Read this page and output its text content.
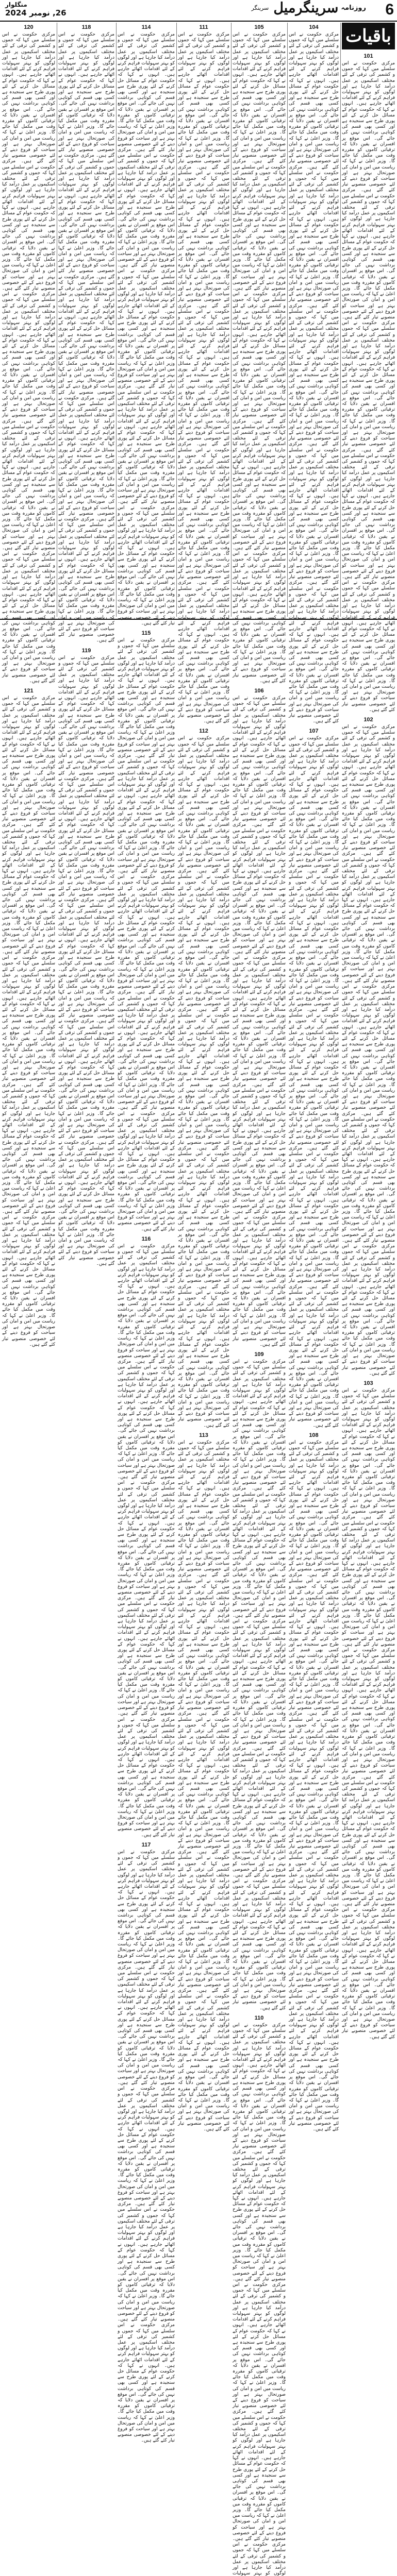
6
روزنامہ سرینگرمیل سرینگر
منگلوار
26, نومبر 2024
باقیات
101

مرکزی حکومت نے اس سلسلے میں کہا کہ جموں و کشمیر کی ترقی کے لئے مختلف اسکیموں پر عمل درآمد کیا جارہا ہے اور لوگوں کو بہتر سہولیات فراہم کرنے کے لئے اقدامات اٹھائے جارہے ہیں۔ انہوں نے کہا کہ حکومت عوام کے مسائل حل کرنے کے لئے پوری طرح سے سنجیدہ ہے اور کسی بھی قسم کی کوتاہی برداشت نہیں کی جائے گی۔ اس موقع پر افسران نے یقین دلایا کہ ترقیاتی کاموں کو مقررہ وقت میں مکمل کیا جائے گا۔ وزیر اعلیٰ نے کہا کہ ریاست میں امن و امان کی صورتحال بہتر ہے اور سیاحت کو فروغ دینے کے لئے خصوصی منصوبے تیار کئے گئے ہیں۔ مرکزی حکومت نے اس سلسلے میں کہا کہ جموں و کشمیر کی ترقی کے لئے مختلف اسکیموں پر عمل درآمد کیا جارہا ہے اور لوگوں کو بہتر سہولیات فراہم کرنے کے لئے اقدامات اٹھائے جارہے ہیں۔ انہوں نے کہا کہ حکومت عوام کے مسائل حل کرنے کے لئے پوری طرح سے سنجیدہ ہے اور کسی بھی قسم کی کوتاہی برداشت نہیں کی جائے گی۔ اس موقع پر افسران نے یقین دلایا کہ ترقیاتی کاموں کو مقررہ وقت میں مکمل کیا جائے گا۔ وزیر اعلیٰ نے کہا کہ ریاست میں امن و امان کی صورتحال بہتر ہے اور سیاحت کو فروغ دینے کے لئے خصوصی منصوبے تیار کئے گئے ہیں۔ مرکزی حکومت نے اس سلسلے میں کہا کہ جموں و کشمیر کی ترقی کے لئے مختلف اسکیموں پر عمل درآمد کیا جارہا ہے اور لوگوں کو بہتر سہولیات فراہم کرنے کے لئے اقدامات اٹھائے جارہے ہیں۔ انہوں نے کہا کہ حکومت عوام کے مسائل حل کرنے کے لئے پوری طرح سے سنجیدہ ہے اور کسی بھی قسم کی کوتاہی برداشت نہیں کی جائے گی۔ اس موقع پر افسران نے یقین دلایا کہ ترقیاتی کاموں کو مقررہ وقت میں مکمل کیا جائے گا۔ وزیر اعلیٰ نے کہا کہ ریاست میں امن و امان کی صورتحال بہتر ہے اور سیاحت کو فروغ دینے کے لئے خصوصی منصوبے تیار کئے گئے ہیں۔ مرکزی حکومت نے اس سلسلے میں کہا کہ جموں و کشمیر کی ترقی کے لئے مختلف اسکیموں پر عمل درآمد کیا جارہا ہے اور لوگوں کو بہتر سہولیات فراہم کرنے کے لئے اقدامات اٹھائے جارہے ہیں۔ انہوں نے کہا کہ حکومت عوام کے مسائل حل کرنے کے لئے پوری طرح سے سنجیدہ ہے اور کسی بھی قسم کی کوتاہی برداشت نہیں کی جائے گی۔ اس موقع پر افسران نے یقین دلایا کہ ترقیاتی کاموں کو مقررہ وقت میں مکمل کیا جائے گا۔ وزیر اعلیٰ نے کہا کہ ریاست میں امن و امان کی صورتحال بہتر ہے اور سیاحت کو فروغ دینے کے لئے خصوصی منصوبے تیار کئے گئے ہیں۔ مرکزی حکومت نے اس سلسلے میں کہا کہ جموں و کشمیر کی ترقی کے لئے مختلف اسکیموں پر عمل درآمد کیا جارہا ہے اور لوگوں کو بہتر سہولیات فراہم کرنے کے لئے اقدامات اٹھائے جارہے ہیں۔ انہوں نے کہا کہ حکومت عوام کے مسائل حل کرنے کے لئے پوری طرح سے سنجیدہ ہے اور کسی بھی قسم کی کوتاہی برداشت نہیں کی جائے گی۔ اس موقع پر افسران نے یقین دلایا کہ ترقیاتی کاموں کو مقررہ وقت میں مکمل کیا جائے گا۔ وزیر اعلیٰ نے کہا کہ ریاست میں امن و امان کی صورتحال بہتر ہے اور سیاحت کو فروغ دینے کے لئے خصوصی منصوبے تیار کئے گئے ہیں۔

102

مرکزی حکومت نے اس سلسلے میں کہا کہ جموں و کشمیر کی ترقی کے لئے مختلف اسکیموں پر عمل درآمد کیا جارہا ہے اور لوگوں کو بہتر سہولیات فراہم کرنے کے لئے اقدامات اٹھائے جارہے ہیں۔ انہوں نے کہا کہ حکومت عوام کے مسائل حل کرنے کے لئے پوری طرح سے سنجیدہ ہے اور کسی بھی قسم کی کوتاہی برداشت نہیں کی جائے گی۔ اس موقع پر افسران نے یقین دلایا کہ ترقیاتی کاموں کو مقررہ وقت میں مکمل کیا جائے گا۔ وزیر اعلیٰ نے کہا کہ ریاست میں امن و امان کی صورتحال بہتر ہے اور سیاحت کو فروغ دینے کے لئے خصوصی منصوبے تیار کئے گئے ہیں۔ مرکزی حکومت نے اس سلسلے میں کہا کہ جموں و کشمیر کی ترقی کے لئے مختلف اسکیموں پر عمل درآمد کیا جارہا ہے اور لوگوں کو بہتر سہولیات فراہم کرنے کے لئے اقدامات اٹھائے جارہے ہیں۔ انہوں نے کہا کہ حکومت عوام کے مسائل حل کرنے کے لئے پوری طرح سے سنجیدہ ہے اور کسی بھی قسم کی کوتاہی برداشت نہیں کی جائے گی۔ اس موقع پر افسران نے یقین دلایا کہ ترقیاتی کاموں کو مقررہ وقت میں مکمل کیا جائے گا۔ وزیر اعلیٰ نے کہا کہ ریاست میں امن و امان کی صورتحال بہتر ہے اور سیاحت کو فروغ دینے کے لئے خصوصی منصوبے تیار کئے گئے ہیں۔ مرکزی حکومت نے اس سلسلے میں کہا کہ جموں و کشمیر کی ترقی کے لئے مختلف اسکیموں پر عمل درآمد کیا جارہا ہے اور لوگوں کو بہتر سہولیات فراہم کرنے کے لئے اقدامات اٹھائے جارہے ہیں۔ انہوں نے کہا کہ حکومت عوام کے مسائل حل کرنے کے لئے پوری طرح سے سنجیدہ ہے اور کسی بھی قسم کی کوتاہی برداشت نہیں کی جائے گی۔ اس موقع پر افسران نے یقین دلایا کہ ترقیاتی کاموں کو مقررہ وقت میں مکمل کیا جائے گا۔ وزیر اعلیٰ نے کہا کہ ریاست میں امن و امان کی صورتحال بہتر ہے اور سیاحت کو فروغ دینے کے لئے خصوصی منصوبے تیار کئے گئے ہیں۔ مرکزی حکومت نے اس سلسلے میں کہا کہ جموں و کشمیر کی ترقی کے لئے مختلف اسکیموں پر عمل درآمد کیا جارہا ہے اور لوگوں کو بہتر سہولیات فراہم کرنے کے لئے اقدامات اٹھائے جارہے ہیں۔ انہوں نے کہا کہ حکومت عوام کے مسائل حل کرنے کے لئے پوری طرح سے سنجیدہ ہے اور کسی بھی قسم کی کوتاہی برداشت نہیں کی جائے گی۔ اس موقع پر افسران نے یقین دلایا کہ ترقیاتی کاموں کو مقررہ وقت میں مکمل کیا جائے گا۔ وزیر اعلیٰ نے کہا کہ ریاست میں امن و امان کی صورتحال بہتر ہے اور سیاحت کو فروغ دینے کے لئے خصوصی منصوبے تیار کئے گئے ہیں۔ مرکزی حکومت نے اس سلسلے میں کہا کہ جموں و کشمیر کی ترقی کے لئے مختلف اسکیموں پر عمل درآمد کیا جارہا ہے اور لوگوں کو بہتر سہولیات فراہم کرنے کے لئے اقدامات اٹھائے جارہے ہیں۔ انہوں نے کہا کہ حکومت عوام کے مسائل حل کرنے کے لئے پوری طرح سے سنجیدہ ہے اور کسی بھی قسم کی کوتاہی برداشت نہیں کی جائے گی۔ اس موقع پر افسران نے یقین دلایا کہ ترقیاتی کاموں کو مقررہ وقت میں مکمل کیا جائے گا۔ وزیر اعلیٰ نے کہا کہ ریاست میں امن و امان کی صورتحال بہتر ہے اور سیاحت کو فروغ دینے کے لئے خصوصی منصوبے تیار کئے گئے ہیں۔

103

مرکزی حکومت نے اس سلسلے میں کہا کہ جموں و کشمیر کی ترقی کے لئے مختلف اسکیموں پر عمل درآمد کیا جارہا ہے اور لوگوں کو بہتر سہولیات فراہم کرنے کے لئے اقدامات اٹھائے جارہے ہیں۔ انہوں نے کہا کہ حکومت عوام کے مسائل حل کرنے کے لئے پوری طرح سے سنجیدہ ہے اور کسی بھی قسم کی کوتاہی برداشت نہیں کی جائے گی۔ اس موقع پر افسران نے یقین دلایا کہ ترقیاتی کاموں کو مقررہ وقت میں مکمل کیا جائے گا۔ وزیر اعلیٰ نے کہا کہ ریاست میں امن و امان کی صورتحال بہتر ہے اور سیاحت کو فروغ دینے کے لئے خصوصی منصوبے تیار کئے گئے ہیں۔ مرکزی حکومت نے اس سلسلے میں کہا کہ جموں و کشمیر کی ترقی کے لئے مختلف اسکیموں پر عمل درآمد کیا جارہا ہے اور لوگوں کو بہتر سہولیات فراہم کرنے کے لئے اقدامات اٹھائے جارہے ہیں۔ انہوں نے کہا کہ حکومت عوام کے مسائل حل کرنے کے لئے پوری طرح سے سنجیدہ ہے اور کسی بھی قسم کی کوتاہی برداشت نہیں کی جائے گی۔ اس موقع پر افسران نے یقین دلایا کہ ترقیاتی کاموں کو مقررہ وقت میں مکمل کیا جائے گا۔ وزیر اعلیٰ نے کہا کہ ریاست میں امن و امان کی صورتحال بہتر ہے اور سیاحت کو فروغ دینے کے لئے خصوصی منصوبے تیار کئے گئے ہیں۔ مرکزی حکومت نے اس سلسلے میں کہا کہ جموں و کشمیر کی ترقی کے لئے مختلف اسکیموں پر عمل درآمد کیا جارہا ہے اور لوگوں کو بہتر سہولیات فراہم کرنے کے لئے اقدامات اٹھائے جارہے ہیں۔ انہوں نے کہا کہ حکومت عوام کے مسائل حل کرنے کے لئے پوری طرح سے سنجیدہ ہے اور کسی بھی قسم کی کوتاہی برداشت نہیں کی جائے گی۔ اس موقع پر افسران نے یقین دلایا کہ ترقیاتی کاموں کو مقررہ وقت میں مکمل کیا جائے گا۔ وزیر اعلیٰ نے کہا کہ ریاست میں امن و امان کی صورتحال بہتر ہے اور سیاحت کو فروغ دینے کے لئے خصوصی منصوبے تیار کئے گئے ہیں۔ مرکزی حکومت نے اس سلسلے میں کہا کہ جموں و کشمیر کی ترقی کے لئے مختلف اسکیموں پر عمل درآمد کیا جارہا ہے اور لوگوں کو بہتر سہولیات فراہم کرنے کے لئے اقدامات اٹھائے جارہے ہیں۔ انہوں نے کہا کہ حکومت عوام کے مسائل حل کرنے کے لئے پوری طرح سے سنجیدہ ہے اور کسی بھی قسم کی کوتاہی برداشت نہیں کی جائے گی۔ اس موقع پر افسران نے یقین دلایا کہ ترقیاتی کاموں کو مقررہ وقت میں مکمل کیا جائے گا۔ وزیر اعلیٰ نے کہا کہ ریاست میں امن و امان کی صورتحال بہتر ہے اور سیاحت کو فروغ دینے کے لئے خصوصی منصوبے تیار کئے گئے ہیں۔ مرکزی حکومت نے اس سلسلے میں کہا کہ جموں و کشمیر کی ترقی کے لئے مختلف اسکیموں پر عمل درآمد کیا جارہا ہے اور لوگوں کو بہتر سہولیات فراہم کرنے کے لئے اقدامات اٹھائے جارہے ہیں۔ انہوں نے کہا کہ حکومت عوام کے مسائل حل کرنے کے لئے پوری طرح سے سنجیدہ ہے اور کسی بھی قسم کی کوتاہی برداشت نہیں کی جائے گی۔ اس موقع پر افسران نے یقین دلایا کہ ترقیاتی کاموں کو مقررہ وقت میں مکمل کیا جائے گا۔ وزیر اعلیٰ نے کہا کہ ریاست میں امن و امان کی صورتحال بہتر ہے اور سیاحت کو فروغ دینے کے لئے خصوصی منصوبے تیار کئے گئے ہیں۔

104

مرکزی حکومت نے اس سلسلے میں کہا کہ جموں و کشمیر کی ترقی کے لئے مختلف اسکیموں پر عمل درآمد کیا جارہا ہے اور لوگوں کو بہتر سہولیات فراہم کرنے کے لئے اقدامات اٹھائے جارہے ہیں۔ انہوں نے کہا کہ حکومت عوام کے مسائل حل کرنے کے لئے پوری طرح سے سنجیدہ ہے اور کسی بھی قسم کی کوتاہی برداشت نہیں کی جائے گی۔ اس موقع پر افسران نے یقین دلایا کہ ترقیاتی کاموں کو مقررہ وقت میں مکمل کیا جائے گا۔ وزیر اعلیٰ نے کہا کہ ریاست میں امن و امان کی صورتحال بہتر ہے اور سیاحت کو فروغ دینے کے لئے خصوصی منصوبے تیار کئے گئے ہیں۔ مرکزی حکومت نے اس سلسلے میں کہا کہ جموں و کشمیر کی ترقی کے لئے مختلف اسکیموں پر عمل درآمد کیا جارہا ہے اور لوگوں کو بہتر سہولیات فراہم کرنے کے لئے اقدامات اٹھائے جارہے ہیں۔ انہوں نے کہا کہ حکومت عوام کے مسائل حل کرنے کے لئے پوری طرح سے سنجیدہ ہے اور کسی بھی قسم کی کوتاہی برداشت نہیں کی جائے گی۔ اس موقع پر افسران نے یقین دلایا کہ ترقیاتی کاموں کو مقررہ وقت میں مکمل کیا جائے گا۔ وزیر اعلیٰ نے کہا کہ ریاست میں امن و امان کی صورتحال بہتر ہے اور سیاحت کو فروغ دینے کے لئے خصوصی منصوبے تیار کئے گئے ہیں۔ مرکزی حکومت نے اس سلسلے میں کہا کہ جموں و کشمیر کی ترقی کے لئے مختلف اسکیموں پر عمل درآمد کیا جارہا ہے اور لوگوں کو بہتر سہولیات فراہم کرنے کے لئے اقدامات اٹھائے جارہے ہیں۔ انہوں نے کہا کہ حکومت عوام کے مسائل حل کرنے کے لئے پوری طرح سے سنجیدہ ہے اور کسی بھی قسم کی کوتاہی برداشت نہیں کی جائے گی۔ اس موقع پر افسران نے یقین دلایا کہ ترقیاتی کاموں کو مقررہ وقت میں مکمل کیا جائے گا۔ وزیر اعلیٰ نے کہا کہ ریاست میں امن و امان کی صورتحال بہتر ہے اور سیاحت کو فروغ دینے کے لئے خصوصی منصوبے تیار کئے گئے ہیں۔ مرکزی حکومت نے اس سلسلے میں کہا کہ جموں و کشمیر کی ترقی کے لئے مختلف اسکیموں پر عمل درآمد کیا جارہا ہے اور لوگوں کو بہتر سہولیات فراہم کرنے کے لئے اقدامات اٹھائے جارہے ہیں۔ انہوں نے کہا کہ حکومت عوام کے مسائل حل کرنے کے لئے پوری طرح سے سنجیدہ ہے اور کسی بھی قسم کی کوتاہی برداشت نہیں کی جائے گی۔ اس موقع پر افسران نے یقین دلایا کہ ترقیاتی کاموں کو مقررہ وقت میں مکمل کیا جائے گا۔ وزیر اعلیٰ نے کہا کہ ریاست میں امن و امان کی صورتحال بہتر ہے اور سیاحت کو فروغ دینے کے لئے خصوصی منصوبے تیار کئے گئے ہیں۔ مرکزی حکومت نے اس سلسلے میں کہا کہ جموں و کشمیر کی ترقی کے لئے مختلف اسکیموں پر عمل درآمد کیا جارہا ہے اور لوگوں کو بہتر سہولیات فراہم کرنے کے لئے اقدامات اٹھائے جارہے ہیں۔ انہوں نے کہا کہ حکومت عوام کے مسائل حل کرنے کے لئے پوری طرح سے سنجیدہ ہے اور کسی بھی قسم کی کوتاہی برداشت نہیں کی جائے گی۔ اس موقع پر افسران نے یقین دلایا کہ ترقیاتی کاموں کو مقررہ وقت میں مکمل کیا جائے گا۔ وزیر اعلیٰ نے کہا کہ ریاست میں امن و امان کی صورتحال بہتر ہے اور سیاحت کو فروغ دینے کے لئے خصوصی منصوبے تیار کئے گئے ہیں۔

107

مرکزی حکومت نے اس سلسلے میں کہا کہ جموں و کشمیر کی ترقی کے لئے مختلف اسکیموں پر عمل درآمد کیا جارہا ہے اور لوگوں کو بہتر سہولیات فراہم کرنے کے لئے اقدامات اٹھائے جارہے ہیں۔ انہوں نے کہا کہ حکومت عوام کے مسائل حل کرنے کے لئے پوری طرح سے سنجیدہ ہے اور کسی بھی قسم کی کوتاہی برداشت نہیں کی جائے گی۔ اس موقع پر افسران نے یقین دلایا کہ ترقیاتی کاموں کو مقررہ وقت میں مکمل کیا جائے گا۔ وزیر اعلیٰ نے کہا کہ ریاست میں امن و امان کی صورتحال بہتر ہے اور سیاحت کو فروغ دینے کے لئے خصوصی منصوبے تیار کئے گئے ہیں۔ مرکزی حکومت نے اس سلسلے میں کہا کہ جموں و کشمیر کی ترقی کے لئے مختلف اسکیموں پر عمل درآمد کیا جارہا ہے اور لوگوں کو بہتر سہولیات فراہم کرنے کے لئے اقدامات اٹھائے جارہے ہیں۔ انہوں نے کہا کہ حکومت عوام کے مسائل حل کرنے کے لئے پوری طرح سے سنجیدہ ہے اور کسی بھی قسم کی کوتاہی برداشت نہیں کی جائے گی۔ اس موقع پر افسران نے یقین دلایا کہ ترقیاتی کاموں کو مقررہ وقت میں مکمل کیا جائے گا۔ وزیر اعلیٰ نے کہا کہ ریاست میں امن و امان کی صورتحال بہتر ہے اور سیاحت کو فروغ دینے کے لئے خصوصی منصوبے تیار کئے گئے ہیں۔ مرکزی حکومت نے اس سلسلے میں کہا کہ جموں و کشمیر کی ترقی کے لئے مختلف اسکیموں پر عمل درآمد کیا جارہا ہے اور لوگوں کو بہتر سہولیات فراہم کرنے کے لئے اقدامات اٹھائے جارہے ہیں۔ انہوں نے کہا کہ حکومت عوام کے مسائل حل کرنے کے لئے پوری طرح سے سنجیدہ ہے اور کسی بھی قسم کی کوتاہی برداشت نہیں کی جائے گی۔ اس موقع پر افسران نے یقین دلایا کہ ترقیاتی کاموں کو مقررہ وقت میں مکمل کیا جائے گا۔ وزیر اعلیٰ نے کہا کہ ریاست میں امن و امان کی صورتحال بہتر ہے اور سیاحت کو فروغ دینے کے لئے خصوصی منصوبے تیار کئے گئے ہیں۔ مرکزی حکومت نے اس سلسلے میں کہا کہ جموں و کشمیر کی ترقی کے لئے مختلف اسکیموں پر عمل درآمد کیا جارہا ہے اور لوگوں کو بہتر سہولیات فراہم کرنے کے لئے اقدامات اٹھائے جارہے ہیں۔ انہوں نے کہا کہ حکومت عوام کے مسائل حل کرنے کے لئے پوری طرح سے سنجیدہ ہے اور کسی بھی قسم کی کوتاہی برداشت نہیں کی جائے گی۔ اس موقع پر افسران نے یقین دلایا کہ ترقیاتی کاموں کو مقررہ وقت میں مکمل کیا جائے گا۔ وزیر اعلیٰ نے کہا کہ ریاست میں امن و امان کی صورتحال بہتر ہے اور سیاحت کو فروغ دینے کے لئے خصوصی منصوبے تیار کئے گئے ہیں۔ مرکزی حکومت نے اس سلسلے میں کہا کہ جموں و کشمیر کی ترقی کے لئے مختلف اسکیموں پر عمل درآمد کیا جارہا ہے اور لوگوں کو بہتر سہولیات فراہم کرنے کے لئے اقدامات اٹھائے جارہے ہیں۔ انہوں نے کہا کہ حکومت عوام کے مسائل حل کرنے کے لئے پوری طرح سے سنجیدہ ہے اور کسی بھی قسم کی کوتاہی برداشت نہیں کی جائے گی۔ اس موقع پر افسران نے یقین دلایا کہ ترقیاتی کاموں کو مقررہ وقت میں مکمل کیا جائے گا۔ وزیر اعلیٰ نے کہا کہ ریاست میں امن و امان کی صورتحال بہتر ہے اور سیاحت کو فروغ دینے کے لئے خصوصی منصوبے تیار کئے گئے ہیں۔

108

مرکزی حکومت نے اس سلسلے میں کہا کہ جموں و کشمیر کی ترقی کے لئے مختلف اسکیموں پر عمل درآمد کیا جارہا ہے اور لوگوں کو بہتر سہولیات فراہم کرنے کے لئے اقدامات اٹھائے جارہے ہیں۔ انہوں نے کہا کہ حکومت عوام کے مسائل حل کرنے کے لئے پوری طرح سے سنجیدہ ہے اور کسی بھی قسم کی کوتاہی برداشت نہیں کی جائے گی۔ اس موقع پر افسران نے یقین دلایا کہ ترقیاتی کاموں کو مقررہ وقت میں مکمل کیا جائے گا۔ وزیر اعلیٰ نے کہا کہ ریاست میں امن و امان کی صورتحال بہتر ہے اور سیاحت کو فروغ دینے کے لئے خصوصی منصوبے تیار کئے گئے ہیں۔ مرکزی حکومت نے اس سلسلے میں کہا کہ جموں و کشمیر کی ترقی کے لئے مختلف اسکیموں پر عمل درآمد کیا جارہا ہے اور لوگوں کو بہتر سہولیات فراہم کرنے کے لئے اقدامات اٹھائے جارہے ہیں۔ انہوں نے کہا کہ حکومت عوام کے مسائل حل کرنے کے لئے پوری طرح سے سنجیدہ ہے اور کسی بھی قسم کی کوتاہی برداشت نہیں کی جائے گی۔ اس موقع پر افسران نے یقین دلایا کہ ترقیاتی کاموں کو مقررہ وقت میں مکمل کیا جائے گا۔ وزیر اعلیٰ نے کہا کہ ریاست میں امن و امان کی صورتحال بہتر ہے اور سیاحت کو فروغ دینے کے لئے خصوصی منصوبے تیار کئے گئے ہیں۔ مرکزی حکومت نے اس سلسلے میں کہا کہ جموں و کشمیر کی ترقی کے لئے مختلف اسکیموں پر عمل درآمد کیا جارہا ہے اور لوگوں کو بہتر سہولیات فراہم کرنے کے لئے اقدامات اٹھائے جارہے ہیں۔ انہوں نے کہا کہ حکومت عوام کے مسائل حل کرنے کے لئے پوری طرح سے سنجیدہ ہے اور کسی بھی قسم کی کوتاہی برداشت نہیں کی جائے گی۔ اس موقع پر افسران نے یقین دلایا کہ ترقیاتی کاموں کو مقررہ وقت میں مکمل کیا جائے گا۔ وزیر اعلیٰ نے کہا کہ ریاست میں امن و امان کی صورتحال بہتر ہے اور سیاحت کو فروغ دینے کے لئے خصوصی منصوبے تیار کئے گئے ہیں۔ مرکزی حکومت نے اس سلسلے میں کہا کہ جموں و کشمیر کی ترقی کے لئے مختلف اسکیموں پر عمل درآمد کیا جارہا ہے اور لوگوں کو بہتر سہولیات فراہم کرنے کے لئے اقدامات اٹھائے جارہے ہیں۔ انہوں نے کہا کہ حکومت عوام کے مسائل حل کرنے کے لئے پوری طرح سے سنجیدہ ہے اور کسی بھی قسم کی کوتاہی برداشت نہیں کی جائے گی۔ اس موقع پر افسران نے یقین دلایا کہ ترقیاتی کاموں کو مقررہ وقت میں مکمل کیا جائے گا۔ وزیر اعلیٰ نے کہا کہ ریاست میں امن و امان کی صورتحال بہتر ہے اور سیاحت کو فروغ دینے کے لئے خصوصی منصوبے تیار کئے گئے ہیں۔ مرکزی حکومت نے اس سلسلے میں کہا کہ جموں و کشمیر کی ترقی کے لئے مختلف اسکیموں پر عمل درآمد کیا جارہا ہے اور لوگوں کو بہتر سہولیات فراہم کرنے کے لئے اقدامات اٹھائے جارہے ہیں۔ انہوں نے کہا کہ حکومت عوام کے مسائل حل کرنے کے لئے پوری طرح سے سنجیدہ ہے اور کسی بھی قسم کی کوتاہی برداشت نہیں کی جائے گی۔ اس موقع پر افسران نے یقین دلایا کہ ترقیاتی کاموں کو مقررہ وقت میں مکمل کیا جائے گا۔ وزیر اعلیٰ نے کہا کہ ریاست میں امن و امان کی صورتحال بہتر ہے اور سیاحت کو فروغ دینے کے لئے خصوصی منصوبے تیار کئے گئے ہیں۔

105

مرکزی حکومت نے اس سلسلے میں کہا کہ جموں و کشمیر کی ترقی کے لئے مختلف اسکیموں پر عمل درآمد کیا جارہا ہے اور لوگوں کو بہتر سہولیات فراہم کرنے کے لئے اقدامات اٹھائے جارہے ہیں۔ انہوں نے کہا کہ حکومت عوام کے مسائل حل کرنے کے لئے پوری طرح سے سنجیدہ ہے اور کسی بھی قسم کی کوتاہی برداشت نہیں کی جائے گی۔ اس موقع پر افسران نے یقین دلایا کہ ترقیاتی کاموں کو مقررہ وقت میں مکمل کیا جائے گا۔ وزیر اعلیٰ نے کہا کہ ریاست میں امن و امان کی صورتحال بہتر ہے اور سیاحت کو فروغ دینے کے لئے خصوصی منصوبے تیار کئے گئے ہیں۔ مرکزی حکومت نے اس سلسلے میں کہا کہ جموں و کشمیر کی ترقی کے لئے مختلف اسکیموں پر عمل درآمد کیا جارہا ہے اور لوگوں کو بہتر سہولیات فراہم کرنے کے لئے اقدامات اٹھائے جارہے ہیں۔ انہوں نے کہا کہ حکومت عوام کے مسائل حل کرنے کے لئے پوری طرح سے سنجیدہ ہے اور کسی بھی قسم کی کوتاہی برداشت نہیں کی جائے گی۔ اس موقع پر افسران نے یقین دلایا کہ ترقیاتی کاموں کو مقررہ وقت میں مکمل کیا جائے گا۔ وزیر اعلیٰ نے کہا کہ ریاست میں امن و امان کی صورتحال بہتر ہے اور سیاحت کو فروغ دینے کے لئے خصوصی منصوبے تیار کئے گئے ہیں۔ مرکزی حکومت نے اس سلسلے میں کہا کہ جموں و کشمیر کی ترقی کے لئے مختلف اسکیموں پر عمل درآمد کیا جارہا ہے اور لوگوں کو بہتر سہولیات فراہم کرنے کے لئے اقدامات اٹھائے جارہے ہیں۔ انہوں نے کہا کہ حکومت عوام کے مسائل حل کرنے کے لئے پوری طرح سے سنجیدہ ہے اور کسی بھی قسم کی کوتاہی برداشت نہیں کی جائے گی۔ اس موقع پر افسران نے یقین دلایا کہ ترقیاتی کاموں کو مقررہ وقت میں مکمل کیا جائے گا۔ وزیر اعلیٰ نے کہا کہ ریاست میں امن و امان کی صورتحال بہتر ہے اور سیاحت کو فروغ دینے کے لئے خصوصی منصوبے تیار کئے گئے ہیں۔ مرکزی حکومت نے اس سلسلے میں کہا کہ جموں و کشمیر کی ترقی کے لئے مختلف اسکیموں پر عمل درآمد کیا جارہا ہے اور لوگوں کو بہتر سہولیات فراہم کرنے کے لئے اقدامات اٹھائے جارہے ہیں۔ انہوں نے کہا کہ حکومت عوام کے مسائل حل کرنے کے لئے پوری طرح سے سنجیدہ ہے اور کسی بھی قسم کی کوتاہی برداشت نہیں کی جائے گی۔ اس موقع پر افسران نے یقین دلایا کہ ترقیاتی کاموں کو مقررہ وقت میں مکمل کیا جائے گا۔ وزیر اعلیٰ نے کہا کہ ریاست میں امن و امان کی صورتحال بہتر ہے اور سیاحت کو فروغ دینے کے لئے خصوصی منصوبے تیار کئے گئے ہیں۔ مرکزی حکومت نے اس سلسلے میں کہا کہ جموں و کشمیر کی ترقی کے لئے مختلف اسکیموں پر عمل درآمد کیا جارہا ہے اور لوگوں کو بہتر سہولیات فراہم کرنے کے لئے اقدامات اٹھائے جارہے ہیں۔ انہوں نے کہا کہ حکومت عوام کے مسائل حل کرنے کے لئے پوری طرح سے سنجیدہ ہے اور کسی بھی قسم کی کوتاہی برداشت نہیں کی جائے گی۔ اس موقع پر افسران نے یقین دلایا کہ ترقیاتی کاموں کو مقررہ وقت میں مکمل کیا جائے گا۔ وزیر اعلیٰ نے کہا کہ ریاست میں امن و امان کی صورتحال بہتر ہے اور سیاحت کو فروغ دینے کے لئے خصوصی منصوبے تیار کئے گئے ہیں۔

106

مرکزی حکومت نے اس سلسلے میں کہا کہ جموں و کشمیر کی ترقی کے لئے مختلف اسکیموں پر عمل درآمد کیا جارہا ہے اور لوگوں کو بہتر سہولیات فراہم کرنے کے لئے اقدامات اٹھائے جارہے ہیں۔ انہوں نے کہا کہ حکومت عوام کے مسائل حل کرنے کے لئے پوری طرح سے سنجیدہ ہے اور کسی بھی قسم کی کوتاہی برداشت نہیں کی جائے گی۔ اس موقع پر افسران نے یقین دلایا کہ ترقیاتی کاموں کو مقررہ وقت میں مکمل کیا جائے گا۔ وزیر اعلیٰ نے کہا کہ ریاست میں امن و امان کی صورتحال بہتر ہے اور سیاحت کو فروغ دینے کے لئے خصوصی منصوبے تیار کئے گئے ہیں۔ مرکزی حکومت نے اس سلسلے میں کہا کہ جموں و کشمیر کی ترقی کے لئے مختلف اسکیموں پر عمل درآمد کیا جارہا ہے اور لوگوں کو بہتر سہولیات فراہم کرنے کے لئے اقدامات اٹھائے جارہے ہیں۔ انہوں نے کہا کہ حکومت عوام کے مسائل حل کرنے کے لئے پوری طرح سے سنجیدہ ہے اور کسی بھی قسم کی کوتاہی برداشت نہیں کی جائے گی۔ اس موقع پر افسران نے یقین دلایا کہ ترقیاتی کاموں کو مقررہ وقت میں مکمل کیا جائے گا۔ وزیر اعلیٰ نے کہا کہ ریاست میں امن و امان کی صورتحال بہتر ہے اور سیاحت کو فروغ دینے کے لئے خصوصی منصوبے تیار کئے گئے ہیں۔ مرکزی حکومت نے اس سلسلے میں کہا کہ جموں و کشمیر کی ترقی کے لئے مختلف اسکیموں پر عمل درآمد کیا جارہا ہے اور لوگوں کو بہتر سہولیات فراہم کرنے کے لئے اقدامات اٹھائے جارہے ہیں۔ انہوں نے کہا کہ حکومت عوام کے مسائل حل کرنے کے لئے پوری طرح سے سنجیدہ ہے اور کسی بھی قسم کی کوتاہی برداشت نہیں کی جائے گی۔ اس موقع پر افسران نے یقین دلایا کہ ترقیاتی کاموں کو مقررہ وقت میں مکمل کیا جائے گا۔ وزیر اعلیٰ نے کہا کہ ریاست میں امن و امان کی صورتحال بہتر ہے اور سیاحت کو فروغ دینے کے لئے خصوصی منصوبے تیار کئے گئے ہیں۔ مرکزی حکومت نے اس سلسلے میں کہا کہ جموں و کشمیر کی ترقی کے لئے مختلف اسکیموں پر عمل درآمد کیا جارہا ہے اور لوگوں کو بہتر سہولیات فراہم کرنے کے لئے اقدامات اٹھائے جارہے ہیں۔ انہوں نے کہا کہ حکومت عوام کے مسائل حل کرنے کے لئے پوری طرح سے سنجیدہ ہے اور کسی بھی قسم کی کوتاہی برداشت نہیں کی جائے گی۔ اس موقع پر افسران نے یقین دلایا کہ ترقیاتی کاموں کو مقررہ وقت میں مکمل کیا جائے گا۔ وزیر اعلیٰ نے کہا کہ ریاست میں امن و امان کی صورتحال بہتر ہے اور سیاحت کو فروغ دینے کے لئے خصوصی منصوبے تیار کئے گئے ہیں۔ مرکزی حکومت نے اس سلسلے میں کہا کہ جموں و کشمیر کی ترقی کے لئے مختلف اسکیموں پر عمل درآمد کیا جارہا ہے اور لوگوں کو بہتر سہولیات فراہم کرنے کے لئے اقدامات اٹھائے جارہے ہیں۔ انہوں نے کہا کہ حکومت عوام کے مسائل حل کرنے کے لئے پوری طرح سے سنجیدہ ہے اور کسی بھی قسم کی کوتاہی برداشت نہیں کی جائے گی۔ اس موقع پر افسران نے یقین دلایا کہ ترقیاتی کاموں کو مقررہ وقت میں مکمل کیا جائے گا۔ وزیر اعلیٰ نے کہا کہ ریاست میں امن و امان کی صورتحال بہتر ہے اور سیاحت کو فروغ دینے کے لئے خصوصی منصوبے تیار کئے گئے ہیں۔

109

مرکزی حکومت نے اس سلسلے میں کہا کہ جموں و کشمیر کی ترقی کے لئے مختلف اسکیموں پر عمل درآمد کیا جارہا ہے اور لوگوں کو بہتر سہولیات فراہم کرنے کے لئے اقدامات اٹھائے جارہے ہیں۔ انہوں نے کہا کہ حکومت عوام کے مسائل حل کرنے کے لئے پوری طرح سے سنجیدہ ہے اور کسی بھی قسم کی کوتاہی برداشت نہیں کی جائے گی۔ اس موقع پر افسران نے یقین دلایا کہ ترقیاتی کاموں کو مقررہ وقت میں مکمل کیا جائے گا۔ وزیر اعلیٰ نے کہا کہ ریاست میں امن و امان کی صورتحال بہتر ہے اور سیاحت کو فروغ دینے کے لئے خصوصی منصوبے تیار کئے گئے ہیں۔ مرکزی حکومت نے اس سلسلے میں کہا کہ جموں و کشمیر کی ترقی کے لئے مختلف اسکیموں پر عمل درآمد کیا جارہا ہے اور لوگوں کو بہتر سہولیات فراہم کرنے کے لئے اقدامات اٹھائے جارہے ہیں۔ انہوں نے کہا کہ حکومت عوام کے مسائل حل کرنے کے لئے پوری طرح سے سنجیدہ ہے اور کسی بھی قسم کی کوتاہی برداشت نہیں کی جائے گی۔ اس موقع پر افسران نے یقین دلایا کہ ترقیاتی کاموں کو مقررہ وقت میں مکمل کیا جائے گا۔ وزیر اعلیٰ نے کہا کہ ریاست میں امن و امان کی صورتحال بہتر ہے اور سیاحت کو فروغ دینے کے لئے خصوصی منصوبے تیار کئے گئے ہیں۔ مرکزی حکومت نے اس سلسلے میں کہا کہ جموں و کشمیر کی ترقی کے لئے مختلف اسکیموں پر عمل درآمد کیا جارہا ہے اور لوگوں کو بہتر سہولیات فراہم کرنے کے لئے اقدامات اٹھائے جارہے ہیں۔ انہوں نے کہا کہ حکومت عوام کے مسائل حل کرنے کے لئے پوری طرح سے سنجیدہ ہے اور کسی بھی قسم کی کوتاہی برداشت نہیں کی جائے گی۔ اس موقع پر افسران نے یقین دلایا کہ ترقیاتی کاموں کو مقررہ وقت میں مکمل کیا جائے گا۔ وزیر اعلیٰ نے کہا کہ ریاست میں امن و امان کی صورتحال بہتر ہے اور سیاحت کو فروغ دینے کے لئے خصوصی منصوبے تیار کئے گئے ہیں۔ مرکزی حکومت نے اس سلسلے میں کہا کہ جموں و کشمیر کی ترقی کے لئے مختلف اسکیموں پر عمل درآمد کیا جارہا ہے اور لوگوں کو بہتر سہولیات فراہم کرنے کے لئے اقدامات اٹھائے جارہے ہیں۔ انہوں نے کہا کہ حکومت عوام کے مسائل حل کرنے کے لئے پوری طرح سے سنجیدہ ہے اور کسی بھی قسم کی کوتاہی برداشت نہیں کی جائے گی۔ اس موقع پر افسران نے یقین دلایا کہ ترقیاتی کاموں کو مقررہ وقت میں مکمل کیا جائے گا۔ وزیر اعلیٰ نے کہا کہ ریاست میں امن و امان کی صورتحال بہتر ہے اور سیاحت کو فروغ دینے کے لئے خصوصی منصوبے تیار کئے گئے ہیں۔ مرکزی حکومت نے اس سلسلے میں کہا کہ جموں و کشمیر کی ترقی کے لئے مختلف اسکیموں پر عمل درآمد کیا جارہا ہے اور لوگوں کو بہتر سہولیات فراہم کرنے کے لئے اقدامات اٹھائے جارہے ہیں۔ انہوں نے کہا کہ حکومت عوام کے مسائل حل کرنے کے لئے پوری طرح سے سنجیدہ ہے اور کسی بھی قسم کی کوتاہی برداشت نہیں کی جائے گی۔ اس موقع پر افسران نے یقین دلایا کہ ترقیاتی کاموں کو مقررہ وقت میں مکمل کیا جائے گا۔ وزیر اعلیٰ نے کہا کہ ریاست میں امن و امان کی صورتحال بہتر ہے اور سیاحت کو فروغ دینے کے لئے خصوصی منصوبے تیار کئے گئے ہیں۔

110

مرکزی حکومت نے اس سلسلے میں کہا کہ جموں و کشمیر کی ترقی کے لئے مختلف اسکیموں پر عمل درآمد کیا جارہا ہے اور لوگوں کو بہتر سہولیات فراہم کرنے کے لئے اقدامات اٹھائے جارہے ہیں۔ انہوں نے کہا کہ حکومت عوام کے مسائل حل کرنے کے لئے پوری طرح سے سنجیدہ ہے اور کسی بھی قسم کی کوتاہی برداشت نہیں کی جائے گی۔ اس موقع پر افسران نے یقین دلایا کہ ترقیاتی کاموں کو مقررہ وقت میں مکمل کیا جائے گا۔ وزیر اعلیٰ نے کہا کہ ریاست میں امن و امان کی صورتحال بہتر ہے اور سیاحت کو فروغ دینے کے لئے خصوصی منصوبے تیار کئے گئے ہیں۔ مرکزی حکومت نے اس سلسلے میں کہا کہ جموں و کشمیر کی ترقی کے لئے مختلف اسکیموں پر عمل درآمد کیا جارہا ہے اور لوگوں کو بہتر سہولیات فراہم کرنے کے لئے اقدامات اٹھائے جارہے ہیں۔ انہوں نے کہا کہ حکومت عوام کے مسائل حل کرنے کے لئے پوری طرح سے سنجیدہ ہے اور کسی بھی قسم کی کوتاہی برداشت نہیں کی جائے گی۔ اس موقع پر افسران نے یقین دلایا کہ ترقیاتی کاموں کو مقررہ وقت میں مکمل کیا جائے گا۔ وزیر اعلیٰ نے کہا کہ ریاست میں امن و امان کی صورتحال بہتر ہے اور سیاحت کو فروغ دینے کے لئے خصوصی منصوبے تیار کئے گئے ہیں۔ مرکزی حکومت نے اس سلسلے میں کہا کہ جموں و کشمیر کی ترقی کے لئے مختلف اسکیموں پر عمل درآمد کیا جارہا ہے اور لوگوں کو بہتر سہولیات فراہم کرنے کے لئے اقدامات اٹھائے جارہے ہیں۔ انہوں نے کہا کہ حکومت عوام کے مسائل حل کرنے کے لئے پوری طرح سے سنجیدہ ہے اور کسی بھی قسم کی کوتاہی برداشت نہیں کی جائے گی۔ اس موقع پر افسران نے یقین دلایا کہ ترقیاتی کاموں کو مقررہ وقت میں مکمل کیا جائے گا۔ وزیر اعلیٰ نے کہا کہ ریاست میں امن و امان کی صورتحال بہتر ہے اور سیاحت کو فروغ دینے کے لئے خصوصی منصوبے تیار کئے گئے ہیں۔ مرکزی حکومت نے اس سلسلے میں کہا کہ جموں و کشمیر کی ترقی کے لئے مختلف اسکیموں پر عمل درآمد کیا جارہا ہے اور لوگوں کو بہتر سہولیات فراہم کرنے کے لئے اقدامات اٹھائے جارہے ہیں۔ انہوں نے کہا کہ حکومت عوام کے مسائل حل کرنے کے لئے پوری طرح سے سنجیدہ ہے اور کسی بھی قسم کی کوتاہی برداشت نہیں کی جائے گی۔ اس موقع پر افسران نے یقین دلایا کہ ترقیاتی کاموں کو مقررہ وقت میں مکمل کیا جائے گا۔ وزیر اعلیٰ نے کہا کہ ریاست میں امن و امان کی صورتحال بہتر ہے اور سیاحت کو فروغ دینے کے لئے خصوصی منصوبے تیار کئے گئے ہیں۔ مرکزی حکومت نے اس سلسلے میں کہا کہ جموں و کشمیر کی ترقی کے لئے مختلف اسکیموں پر عمل درآمد کیا جارہا ہے اور لوگوں کو بہتر سہولیات

111

مرکزی حکومت نے اس سلسلے میں کہا کہ جموں و کشمیر کی ترقی کے لئے مختلف اسکیموں پر عمل درآمد کیا جارہا ہے اور لوگوں کو بہتر سہولیات فراہم کرنے کے لئے اقدامات اٹھائے جارہے ہیں۔ انہوں نے کہا کہ حکومت عوام کے مسائل حل کرنے کے لئے پوری طرح سے سنجیدہ ہے اور کسی بھی قسم کی کوتاہی برداشت نہیں کی جائے گی۔ اس موقع پر افسران نے یقین دلایا کہ ترقیاتی کاموں کو مقررہ وقت میں مکمل کیا جائے گا۔ وزیر اعلیٰ نے کہا کہ ریاست میں امن و امان کی صورتحال بہتر ہے اور سیاحت کو فروغ دینے کے لئے خصوصی منصوبے تیار کئے گئے ہیں۔ مرکزی حکومت نے اس سلسلے میں کہا کہ جموں و کشمیر کی ترقی کے لئے مختلف اسکیموں پر عمل درآمد کیا جارہا ہے اور لوگوں کو بہتر سہولیات فراہم کرنے کے لئے اقدامات اٹھائے جارہے ہیں۔ انہوں نے کہا کہ حکومت عوام کے مسائل حل کرنے کے لئے پوری طرح سے سنجیدہ ہے اور کسی بھی قسم کی کوتاہی برداشت نہیں کی جائے گی۔ اس موقع پر افسران نے یقین دلایا کہ ترقیاتی کاموں کو مقررہ وقت میں مکمل کیا جائے گا۔ وزیر اعلیٰ نے کہا کہ ریاست میں امن و امان کی صورتحال بہتر ہے اور سیاحت کو فروغ دینے کے لئے خصوصی منصوبے تیار کئے گئے ہیں۔ مرکزی حکومت نے اس سلسلے میں کہا کہ جموں و کشمیر کی ترقی کے لئے مختلف اسکیموں پر عمل درآمد کیا جارہا ہے اور لوگوں کو بہتر سہولیات فراہم کرنے کے لئے اقدامات اٹھائے جارہے ہیں۔ انہوں نے کہا کہ حکومت عوام کے مسائل حل کرنے کے لئے پوری طرح سے سنجیدہ ہے اور کسی بھی قسم کی کوتاہی برداشت نہیں کی جائے گی۔ اس موقع پر افسران نے یقین دلایا کہ ترقیاتی کاموں کو مقررہ وقت میں مکمل کیا جائے گا۔ وزیر اعلیٰ نے کہا کہ ریاست میں امن و امان کی صورتحال بہتر ہے اور سیاحت کو فروغ دینے کے لئے خصوصی منصوبے تیار کئے گئے ہیں۔ مرکزی حکومت نے اس سلسلے میں کہا کہ جموں و کشمیر کی ترقی کے لئے مختلف اسکیموں پر عمل درآمد کیا جارہا ہے اور لوگوں کو بہتر سہولیات فراہم کرنے کے لئے اقدامات اٹھائے جارہے ہیں۔ انہوں نے کہا کہ حکومت عوام کے مسائل حل کرنے کے لئے پوری طرح سے سنجیدہ ہے اور کسی بھی قسم کی کوتاہی برداشت نہیں کی جائے گی۔ اس موقع پر افسران نے یقین دلایا کہ ترقیاتی کاموں کو مقررہ وقت میں مکمل کیا جائے گا۔ وزیر اعلیٰ نے کہا کہ ریاست میں امن و امان کی صورتحال بہتر ہے اور سیاحت کو فروغ دینے کے لئے خصوصی منصوبے تیار کئے گئے ہیں۔ مرکزی حکومت نے اس سلسلے میں کہا کہ جموں و کشمیر کی ترقی کے لئے مختلف اسکیموں پر عمل درآمد کیا جارہا ہے اور لوگوں کو بہتر سہولیات فراہم کرنے کے لئے اقدامات اٹھائے جارہے ہیں۔ انہوں نے کہا کہ حکومت عوام کے مسائل حل کرنے کے لئے پوری طرح سے سنجیدہ ہے اور کسی بھی قسم کی کوتاہی برداشت نہیں کی جائے گی۔ اس موقع پر افسران نے یقین دلایا کہ ترقیاتی کاموں کو مقررہ وقت میں مکمل کیا جائے گا۔ وزیر اعلیٰ نے کہا کہ ریاست میں امن و امان کی صورتحال بہتر ہے اور سیاحت کو فروغ دینے کے لئے خصوصی منصوبے تیار کئے گئے ہیں۔

112

مرکزی حکومت نے اس سلسلے میں کہا کہ جموں و کشمیر کی ترقی کے لئے مختلف اسکیموں پر عمل درآمد کیا جارہا ہے اور لوگوں کو بہتر سہولیات فراہم کرنے کے لئے اقدامات اٹھائے جارہے ہیں۔ انہوں نے کہا کہ حکومت عوام کے مسائل حل کرنے کے لئے پوری طرح سے سنجیدہ ہے اور کسی بھی قسم کی کوتاہی برداشت نہیں کی جائے گی۔ اس موقع پر افسران نے یقین دلایا کہ ترقیاتی کاموں کو مقررہ وقت میں مکمل کیا جائے گا۔ وزیر اعلیٰ نے کہا کہ ریاست میں امن و امان کی صورتحال بہتر ہے اور سیاحت کو فروغ دینے کے لئے خصوصی منصوبے تیار کئے گئے ہیں۔ مرکزی حکومت نے اس سلسلے میں کہا کہ جموں و کشمیر کی ترقی کے لئے مختلف اسکیموں پر عمل درآمد کیا جارہا ہے اور لوگوں کو بہتر سہولیات فراہم کرنے کے لئے اقدامات اٹھائے جارہے ہیں۔ انہوں نے کہا کہ حکومت عوام کے مسائل حل کرنے کے لئے پوری طرح سے سنجیدہ ہے اور کسی بھی قسم کی کوتاہی برداشت نہیں کی جائے گی۔ اس موقع پر افسران نے یقین دلایا کہ ترقیاتی کاموں کو مقررہ وقت میں مکمل کیا جائے گا۔ وزیر اعلیٰ نے کہا کہ ریاست میں امن و امان کی صورتحال بہتر ہے اور سیاحت کو فروغ دینے کے لئے خصوصی منصوبے تیار کئے گئے ہیں۔ مرکزی حکومت نے اس سلسلے میں کہا کہ جموں و کشمیر کی ترقی کے لئے مختلف اسکیموں پر عمل درآمد کیا جارہا ہے اور لوگوں کو بہتر سہولیات فراہم کرنے کے لئے اقدامات اٹھائے جارہے ہیں۔ انہوں نے کہا کہ حکومت عوام کے مسائل حل کرنے کے لئے پوری طرح سے سنجیدہ ہے اور کسی بھی قسم کی کوتاہی برداشت نہیں کی جائے گی۔ اس موقع پر افسران نے یقین دلایا کہ ترقیاتی کاموں کو مقررہ وقت میں مکمل کیا جائے گا۔ وزیر اعلیٰ نے کہا کہ ریاست میں امن و امان کی صورتحال بہتر ہے اور سیاحت کو فروغ دینے کے لئے خصوصی منصوبے تیار کئے گئے ہیں۔ مرکزی حکومت نے اس سلسلے میں کہا کہ جموں و کشمیر کی ترقی کے لئے مختلف اسکیموں پر عمل درآمد کیا جارہا ہے اور لوگوں کو بہتر سہولیات فراہم کرنے کے لئے اقدامات اٹھائے جارہے ہیں۔ انہوں نے کہا کہ حکومت عوام کے مسائل حل کرنے کے لئے پوری طرح سے سنجیدہ ہے اور کسی بھی قسم کی کوتاہی برداشت نہیں کی جائے گی۔ اس موقع پر افسران نے یقین دلایا کہ ترقیاتی کاموں کو مقررہ وقت میں مکمل کیا جائے گا۔ وزیر اعلیٰ نے کہا کہ ریاست میں امن و امان کی صورتحال بہتر ہے اور سیاحت کو فروغ دینے کے لئے خصوصی منصوبے تیار کئے گئے ہیں۔ مرکزی حکومت نے اس سلسلے میں کہا کہ جموں و کشمیر کی ترقی کے لئے مختلف اسکیموں پر عمل درآمد کیا جارہا ہے اور لوگوں کو بہتر سہولیات فراہم کرنے کے لئے اقدامات اٹھائے جارہے ہیں۔ انہوں نے کہا کہ حکومت عوام کے مسائل حل کرنے کے لئے پوری طرح سے سنجیدہ ہے اور کسی بھی قسم کی کوتاہی برداشت نہیں کی جائے گی۔ اس موقع پر افسران نے یقین دلایا کہ ترقیاتی کاموں کو مقررہ وقت میں مکمل کیا جائے گا۔ وزیر اعلیٰ نے کہا کہ ریاست میں امن و امان کی صورتحال بہتر ہے اور سیاحت کو فروغ دینے کے لئے خصوصی منصوبے تیار کئے گئے ہیں۔

113

مرکزی حکومت نے اس سلسلے میں کہا کہ جموں و کشمیر کی ترقی کے لئے مختلف اسکیموں پر عمل درآمد کیا جارہا ہے اور لوگوں کو بہتر سہولیات فراہم کرنے کے لئے اقدامات اٹھائے جارہے ہیں۔ انہوں نے کہا کہ حکومت عوام کے مسائل حل کرنے کے لئے پوری طرح سے سنجیدہ ہے اور کسی بھی قسم کی کوتاہی برداشت نہیں کی جائے گی۔ اس موقع پر افسران نے یقین دلایا کہ ترقیاتی کاموں کو مقررہ وقت میں مکمل کیا جائے گا۔ وزیر اعلیٰ نے کہا کہ ریاست میں امن و امان کی صورتحال بہتر ہے اور سیاحت کو فروغ دینے کے لئے خصوصی منصوبے تیار کئے گئے ہیں۔ مرکزی حکومت نے اس سلسلے میں کہا کہ جموں و کشمیر کی ترقی کے لئے مختلف اسکیموں پر عمل درآمد کیا جارہا ہے اور لوگوں کو بہتر سہولیات فراہم کرنے کے لئے اقدامات اٹھائے جارہے ہیں۔ انہوں نے کہا کہ حکومت عوام کے مسائل حل کرنے کے لئے پوری طرح سے سنجیدہ ہے اور کسی بھی قسم کی کوتاہی برداشت نہیں کی جائے گی۔ اس موقع پر افسران نے یقین دلایا کہ ترقیاتی کاموں کو مقررہ وقت میں مکمل کیا جائے گا۔ وزیر اعلیٰ نے کہا کہ ریاست میں امن و امان کی صورتحال بہتر ہے اور سیاحت کو فروغ دینے کے لئے خصوصی منصوبے تیار کئے گئے ہیں۔ مرکزی حکومت نے اس سلسلے میں کہا کہ جموں و کشمیر کی ترقی کے لئے مختلف اسکیموں پر عمل درآمد کیا جارہا ہے اور لوگوں کو بہتر سہولیات فراہم کرنے کے لئے اقدامات اٹھائے جارہے ہیں۔ انہوں نے کہا کہ حکومت عوام کے مسائل حل کرنے کے لئے پوری طرح سے سنجیدہ ہے اور کسی بھی قسم کی کوتاہی برداشت نہیں کی جائے گی۔ اس موقع پر افسران نے یقین دلایا کہ ترقیاتی کاموں کو مقررہ وقت میں مکمل کیا جائے گا۔ وزیر اعلیٰ نے کہا کہ ریاست میں امن و امان کی صورتحال بہتر ہے اور سیاحت کو فروغ دینے کے لئے خصوصی منصوبے تیار کئے گئے ہیں۔ مرکزی حکومت نے اس سلسلے میں کہا کہ جموں و کشمیر کی ترقی کے لئے مختلف اسکیموں پر عمل درآمد کیا جارہا ہے اور لوگوں کو بہتر سہولیات فراہم کرنے کے لئے اقدامات اٹھائے جارہے ہیں۔ انہوں نے کہا کہ حکومت عوام کے مسائل حل کرنے کے لئے پوری طرح سے سنجیدہ ہے اور کسی بھی قسم کی کوتاہی برداشت نہیں کی جائے گی۔ اس موقع پر افسران نے یقین دلایا کہ ترقیاتی کاموں کو مقررہ وقت میں مکمل کیا جائے گا۔ وزیر اعلیٰ نے کہا کہ ریاست میں امن و امان کی صورتحال بہتر ہے اور سیاحت کو فروغ دینے کے لئے خصوصی منصوبے تیار کئے گئے ہیں۔ مرکزی حکومت نے اس سلسلے میں کہا کہ جموں و کشمیر کی ترقی کے لئے مختلف اسکیموں پر عمل درآمد کیا جارہا ہے اور لوگوں کو بہتر سہولیات فراہم کرنے کے لئے اقدامات اٹھائے جارہے ہیں۔ انہوں نے کہا کہ حکومت عوام کے مسائل حل کرنے کے لئے پوری طرح سے سنجیدہ ہے اور کسی بھی قسم کی کوتاہی برداشت نہیں کی جائے گی۔ اس موقع پر افسران نے یقین دلایا کہ ترقیاتی کاموں کو مقررہ وقت میں مکمل کیا جائے گا۔ وزیر اعلیٰ نے کہا کہ ریاست میں امن و امان کی صورتحال بہتر ہے اور سیاحت کو فروغ دینے کے لئے خصوصی منصوبے تیار کئے گئے ہیں۔

114

مرکزی حکومت نے اس سلسلے میں کہا کہ جموں و کشمیر کی ترقی کے لئے مختلف اسکیموں پر عمل درآمد کیا جارہا ہے اور لوگوں کو بہتر سہولیات فراہم کرنے کے لئے اقدامات اٹھائے جارہے ہیں۔ انہوں نے کہا کہ حکومت عوام کے مسائل حل کرنے کے لئے پوری طرح سے سنجیدہ ہے اور کسی بھی قسم کی کوتاہی برداشت نہیں کی جائے گی۔ اس موقع پر افسران نے یقین دلایا کہ ترقیاتی کاموں کو مقررہ وقت میں مکمل کیا جائے گا۔ وزیر اعلیٰ نے کہا کہ ریاست میں امن و امان کی صورتحال بہتر ہے اور سیاحت کو فروغ دینے کے لئے خصوصی منصوبے تیار کئے گئے ہیں۔ مرکزی حکومت نے اس سلسلے میں کہا کہ جموں و کشمیر کی ترقی کے لئے مختلف اسکیموں پر عمل درآمد کیا جارہا ہے اور لوگوں کو بہتر سہولیات فراہم کرنے کے لئے اقدامات اٹھائے جارہے ہیں۔ انہوں نے کہا کہ حکومت عوام کے مسائل حل کرنے کے لئے پوری طرح سے سنجیدہ ہے اور کسی بھی قسم کی کوتاہی برداشت نہیں کی جائے گی۔ اس موقع پر افسران نے یقین دلایا کہ ترقیاتی کاموں کو مقررہ وقت میں مکمل کیا جائے گا۔ وزیر اعلیٰ نے کہا کہ ریاست میں امن و امان کی صورتحال بہتر ہے اور سیاحت کو فروغ دینے کے لئے خصوصی منصوبے تیار کئے گئے ہیں۔ مرکزی حکومت نے اس سلسلے میں کہا کہ جموں و کشمیر کی ترقی کے لئے مختلف اسکیموں پر عمل درآمد کیا جارہا ہے اور لوگوں کو بہتر سہولیات فراہم کرنے کے لئے اقدامات اٹھائے جارہے ہیں۔ انہوں نے کہا کہ حکومت عوام کے مسائل حل کرنے کے لئے پوری طرح سے سنجیدہ ہے اور کسی بھی قسم کی کوتاہی برداشت نہیں کی جائے گی۔ اس موقع پر افسران نے یقین دلایا کہ ترقیاتی کاموں کو مقررہ وقت میں مکمل کیا جائے گا۔ وزیر اعلیٰ نے کہا کہ ریاست میں امن و امان کی صورتحال بہتر ہے اور سیاحت کو فروغ دینے کے لئے خصوصی منصوبے تیار کئے گئے ہیں۔ مرکزی حکومت نے اس سلسلے میں کہا کہ جموں و کشمیر کی ترقی کے لئے مختلف اسکیموں پر عمل درآمد کیا جارہا ہے اور لوگوں کو بہتر سہولیات فراہم کرنے کے لئے اقدامات اٹھائے جارہے ہیں۔ انہوں نے کہا کہ حکومت عوام کے مسائل حل کرنے کے لئے پوری طرح سے سنجیدہ ہے اور کسی بھی قسم کی کوتاہی برداشت نہیں کی جائے گی۔ اس موقع پر افسران نے یقین دلایا کہ ترقیاتی کاموں کو مقررہ وقت میں مکمل کیا جائے گا۔ وزیر اعلیٰ نے کہا کہ ریاست میں امن و امان کی صورتحال بہتر ہے اور سیاحت کو فروغ دینے کے لئے خصوصی منصوبے تیار کئے گئے ہیں۔ مرکزی حکومت نے اس سلسلے میں کہا کہ جموں و کشمیر کی ترقی کے لئے مختلف اسکیموں پر عمل درآمد کیا جارہا ہے اور لوگوں کو بہتر سہولیات فراہم کرنے کے لئے اقدامات اٹھائے جارہے ہیں۔ انہوں نے کہا کہ حکومت عوام کے مسائل حل کرنے کے لئے پوری طرح سے سنجیدہ ہے اور کسی بھی قسم کی کوتاہی برداشت نہیں کی جائے گی۔ اس موقع پر افسران نے یقین دلایا کہ ترقیاتی کاموں کو مقررہ وقت میں مکمل کیا جائے گا۔ وزیر اعلیٰ نے کہا کہ ریاست میں امن و امان کی صورتحال بہتر ہے اور سیاحت کو فروغ دینے کے لئے خصوصی منصوبے تیار کئے گئے ہیں۔

115

مرکزی حکومت نے اس سلسلے میں کہا کہ جموں و کشمیر کی ترقی کے لئے مختلف اسکیموں پر عمل درآمد کیا جارہا ہے اور لوگوں کو بہتر سہولیات فراہم کرنے کے لئے اقدامات اٹھائے جارہے ہیں۔ انہوں نے کہا کہ حکومت عوام کے مسائل حل کرنے کے لئے پوری طرح سے سنجیدہ ہے اور کسی بھی قسم کی کوتاہی برداشت نہیں کی جائے گی۔ اس موقع پر افسران نے یقین دلایا کہ ترقیاتی کاموں کو مقررہ وقت میں مکمل کیا جائے گا۔ وزیر اعلیٰ نے کہا کہ ریاست میں امن و امان کی صورتحال بہتر ہے اور سیاحت کو فروغ دینے کے لئے خصوصی منصوبے تیار کئے گئے ہیں۔ مرکزی حکومت نے اس سلسلے میں کہا کہ جموں و کشمیر کی ترقی کے لئے مختلف اسکیموں پر عمل درآمد کیا جارہا ہے اور لوگوں کو بہتر سہولیات فراہم کرنے کے لئے اقدامات اٹھائے جارہے ہیں۔ انہوں نے کہا کہ حکومت عوام کے مسائل حل کرنے کے لئے پوری طرح سے سنجیدہ ہے اور کسی بھی قسم کی کوتاہی برداشت نہیں کی جائے گی۔ اس موقع پر افسران نے یقین دلایا کہ ترقیاتی کاموں کو مقررہ وقت میں مکمل کیا جائے گا۔ وزیر اعلیٰ نے کہا کہ ریاست میں امن و امان کی صورتحال بہتر ہے اور سیاحت کو فروغ دینے کے لئے خصوصی منصوبے تیار کئے گئے ہیں۔ مرکزی حکومت نے اس سلسلے میں کہا کہ جموں و کشمیر کی ترقی کے لئے مختلف اسکیموں پر عمل درآمد کیا جارہا ہے اور لوگوں کو بہتر سہولیات فراہم کرنے کے لئے اقدامات اٹھائے جارہے ہیں۔ انہوں نے کہا کہ حکومت عوام کے مسائل حل کرنے کے لئے پوری طرح سے سنجیدہ ہے اور کسی بھی قسم کی کوتاہی برداشت نہیں کی جائے گی۔ اس موقع پر افسران نے یقین دلایا کہ ترقیاتی کاموں کو مقررہ وقت میں مکمل کیا جائے گا۔ وزیر اعلیٰ نے کہا کہ ریاست میں امن و امان کی صورتحال بہتر ہے اور سیاحت کو فروغ دینے کے لئے خصوصی منصوبے تیار کئے گئے ہیں۔ مرکزی حکومت نے اس سلسلے میں کہا کہ جموں و کشمیر کی ترقی کے لئے مختلف اسکیموں پر عمل درآمد کیا جارہا ہے اور لوگوں کو بہتر سہولیات فراہم کرنے کے لئے اقدامات اٹھائے جارہے ہیں۔ انہوں نے کہا کہ حکومت عوام کے مسائل حل کرنے کے لئے پوری طرح سے سنجیدہ ہے اور کسی بھی قسم کی کوتاہی برداشت نہیں کی جائے گی۔ اس موقع پر افسران نے یقین دلایا کہ ترقیاتی کاموں کو مقررہ وقت میں مکمل کیا جائے گا۔ وزیر اعلیٰ نے کہا کہ ریاست میں امن و امان کی صورتحال بہتر ہے اور سیاحت کو فروغ دینے کے لئے خصوصی منصوبے تیار کئے گئے ہیں۔ مرکزی حکومت نے اس سلسلے میں کہا کہ جموں و کشمیر کی ترقی کے لئے مختلف اسکیموں پر عمل درآمد کیا جارہا ہے اور لوگوں کو بہتر سہولیات فراہم کرنے کے لئے اقدامات اٹھائے جارہے ہیں۔ انہوں نے کہا کہ حکومت عوام کے مسائل حل کرنے کے لئے پوری طرح سے سنجیدہ ہے اور کسی بھی قسم کی کوتاہی برداشت نہیں کی جائے گی۔ اس موقع پر افسران نے یقین دلایا کہ ترقیاتی کاموں کو مقررہ وقت میں مکمل کیا جائے گا۔ وزیر اعلیٰ نے کہا کہ ریاست میں امن و امان کی صورتحال بہتر ہے اور سیاحت کو فروغ دینے کے لئے خصوصی منصوبے تیار کئے گئے ہیں۔

116

مرکزی حکومت نے اس سلسلے میں کہا کہ جموں و کشمیر کی ترقی کے لئے مختلف اسکیموں پر عمل درآمد کیا جارہا ہے اور لوگوں کو بہتر سہولیات فراہم کرنے کے لئے اقدامات اٹھائے جارہے ہیں۔ انہوں نے کہا کہ حکومت عوام کے مسائل حل کرنے کے لئے پوری طرح سے سنجیدہ ہے اور کسی بھی قسم کی کوتاہی برداشت نہیں کی جائے گی۔ اس موقع پر افسران نے یقین دلایا کہ ترقیاتی کاموں کو مقررہ وقت میں مکمل کیا جائے گا۔ وزیر اعلیٰ نے کہا کہ ریاست میں امن و امان کی صورتحال بہتر ہے اور سیاحت کو فروغ دینے کے لئے خصوصی منصوبے تیار کئے گئے ہیں۔ مرکزی حکومت نے اس سلسلے میں کہا کہ جموں و کشمیر کی ترقی کے لئے مختلف اسکیموں پر عمل درآمد کیا جارہا ہے اور لوگوں کو بہتر سہولیات فراہم کرنے کے لئے اقدامات اٹھائے جارہے ہیں۔ انہوں نے کہا کہ حکومت عوام کے مسائل حل کرنے کے لئے پوری طرح سے سنجیدہ ہے اور کسی بھی قسم کی کوتاہی برداشت نہیں کی جائے گی۔ اس موقع پر افسران نے یقین دلایا کہ ترقیاتی کاموں کو مقررہ وقت میں مکمل کیا جائے گا۔ وزیر اعلیٰ نے کہا کہ ریاست میں امن و امان کی صورتحال بہتر ہے اور سیاحت کو فروغ دینے کے لئے خصوصی منصوبے تیار کئے گئے ہیں۔ مرکزی حکومت نے اس سلسلے میں کہا کہ جموں و کشمیر کی ترقی کے لئے مختلف اسکیموں پر عمل درآمد کیا جارہا ہے اور لوگوں کو بہتر سہولیات فراہم کرنے کے لئے اقدامات اٹھائے جارہے ہیں۔ انہوں نے کہا کہ حکومت عوام کے مسائل حل کرنے کے لئے پوری طرح سے سنجیدہ ہے اور کسی بھی قسم کی کوتاہی برداشت نہیں کی جائے گی۔ اس موقع پر افسران نے یقین دلایا کہ ترقیاتی کاموں کو مقررہ وقت میں مکمل کیا جائے گا۔ وزیر اعلیٰ نے کہا کہ ریاست میں امن و امان کی صورتحال بہتر ہے اور سیاحت کو فروغ دینے کے لئے خصوصی منصوبے تیار کئے گئے ہیں۔ مرکزی حکومت نے اس سلسلے میں کہا کہ جموں و کشمیر کی ترقی کے لئے مختلف اسکیموں پر عمل درآمد کیا جارہا ہے اور لوگوں کو بہتر سہولیات فراہم کرنے کے لئے اقدامات اٹھائے جارہے ہیں۔ انہوں نے کہا کہ حکومت عوام کے مسائل حل کرنے کے لئے پوری طرح سے سنجیدہ ہے اور کسی بھی قسم کی کوتاہی برداشت نہیں کی جائے گی۔ اس موقع پر افسران نے یقین دلایا کہ ترقیاتی کاموں کو مقررہ وقت میں مکمل کیا جائے گا۔ وزیر اعلیٰ نے کہا کہ ریاست میں امن و امان کی صورتحال بہتر ہے اور سیاحت کو فروغ دینے کے لئے خصوصی منصوبے تیار کئے گئے ہیں۔ مرکزی حکومت نے اس سلسلے میں کہا کہ جموں و کشمیر کی ترقی کے لئے مختلف اسکیموں پر عمل درآمد کیا جارہا ہے اور لوگوں کو بہتر سہولیات فراہم کرنے کے لئے اقدامات اٹھائے جارہے ہیں۔ انہوں نے کہا کہ حکومت عوام کے مسائل حل کرنے کے لئے پوری طرح سے سنجیدہ ہے اور کسی بھی قسم کی کوتاہی برداشت نہیں کی جائے گی۔ اس موقع پر افسران نے یقین دلایا کہ ترقیاتی کاموں کو مقررہ وقت میں مکمل کیا جائے گا۔ وزیر اعلیٰ نے کہا کہ ریاست میں امن و امان کی صورتحال بہتر ہے اور سیاحت کو فروغ دینے کے لئے خصوصی منصوبے تیار کئے گئے ہیں۔

117

مرکزی حکومت نے اس سلسلے میں کہا کہ جموں و کشمیر کی ترقی کے لئے مختلف اسکیموں پر عمل درآمد کیا جارہا ہے اور لوگوں کو بہتر سہولیات فراہم کرنے کے لئے اقدامات اٹھائے جارہے ہیں۔ انہوں نے کہا کہ حکومت عوام کے مسائل حل کرنے کے لئے پوری طرح سے سنجیدہ ہے اور کسی بھی قسم کی کوتاہی برداشت نہیں کی جائے گی۔ اس موقع پر افسران نے یقین دلایا کہ ترقیاتی کاموں کو مقررہ وقت میں مکمل کیا جائے گا۔ وزیر اعلیٰ نے کہا کہ ریاست میں امن و امان کی صورتحال بہتر ہے اور سیاحت کو فروغ دینے کے لئے خصوصی منصوبے تیار کئے گئے ہیں۔ مرکزی حکومت نے اس سلسلے میں کہا کہ جموں و کشمیر کی ترقی کے لئے مختلف اسکیموں پر عمل درآمد کیا جارہا ہے اور لوگوں کو بہتر سہولیات فراہم کرنے کے لئے اقدامات اٹھائے جارہے ہیں۔ انہوں نے کہا کہ حکومت عوام کے مسائل حل کرنے کے لئے پوری طرح سے سنجیدہ ہے اور کسی بھی قسم کی کوتاہی برداشت نہیں کی جائے گی۔ اس موقع پر افسران نے یقین دلایا کہ ترقیاتی کاموں کو مقررہ وقت میں مکمل کیا جائے گا۔ وزیر اعلیٰ نے کہا کہ ریاست میں امن و امان کی صورتحال بہتر ہے اور سیاحت کو فروغ دینے کے لئے خصوصی منصوبے تیار کئے گئے ہیں۔ مرکزی حکومت نے اس سلسلے میں کہا کہ جموں و کشمیر کی ترقی کے لئے مختلف اسکیموں پر عمل درآمد کیا جارہا ہے اور لوگوں کو بہتر سہولیات فراہم کرنے کے لئے اقدامات اٹھائے جارہے ہیں۔ انہوں نے کہا کہ حکومت عوام کے مسائل حل کرنے کے لئے پوری طرح سے سنجیدہ ہے اور کسی بھی قسم کی کوتاہی برداشت نہیں کی جائے گی۔ اس موقع پر افسران نے یقین دلایا کہ ترقیاتی کاموں کو مقررہ وقت میں مکمل کیا جائے گا۔ وزیر اعلیٰ نے کہا کہ ریاست میں امن و امان کی صورتحال بہتر ہے اور سیاحت کو فروغ دینے کے لئے خصوصی منصوبے تیار کئے گئے ہیں۔ مرکزی حکومت نے اس سلسلے میں کہا کہ جموں و کشمیر کی ترقی کے لئے مختلف اسکیموں پر عمل درآمد کیا جارہا ہے اور لوگوں کو بہتر سہولیات فراہم کرنے کے لئے اقدامات اٹھائے جارہے ہیں۔ انہوں نے کہا کہ حکومت عوام کے مسائل حل کرنے کے لئے پوری طرح سے سنجیدہ ہے اور کسی بھی قسم کی کوتاہی برداشت نہیں کی جائے گی۔ اس موقع پر افسران نے یقین دلایا کہ ترقیاتی کاموں کو مقررہ وقت میں مکمل کیا جائے گا۔ وزیر اعلیٰ نے کہا کہ ریاست میں امن و امان کی صورتحال بہتر ہے اور سیاحت کو فروغ دینے کے لئے خصوصی منصوبے تیار کئے گئے ہیں۔ مرکزی حکومت نے اس سلسلے میں کہا کہ جموں و کشمیر کی ترقی کے لئے مختلف اسکیموں پر عمل درآمد کیا جارہا ہے اور لوگوں کو بہتر سہولیات فراہم کرنے کے لئے اقدامات اٹھائے جارہے ہیں۔ انہوں نے کہا کہ حکومت عوام کے مسائل حل کرنے کے لئے پوری طرح سے سنجیدہ ہے اور کسی بھی قسم کی کوتاہی برداشت نہیں کی جائے گی۔ اس موقع پر افسران نے یقین دلایا کہ ترقیاتی کاموں کو مقررہ وقت میں مکمل کیا جائے گا۔ وزیر اعلیٰ نے کہا کہ ریاست میں امن و امان کی صورتحال بہتر ہے اور سیاحت کو فروغ دینے کے لئے خصوصی منصوبے تیار کئے گئے ہیں۔

118

مرکزی حکومت نے اس سلسلے میں کہا کہ جموں و کشمیر کی ترقی کے لئے مختلف اسکیموں پر عمل درآمد کیا جارہا ہے اور لوگوں کو بہتر سہولیات فراہم کرنے کے لئے اقدامات اٹھائے جارہے ہیں۔ انہوں نے کہا کہ حکومت عوام کے مسائل حل کرنے کے لئے پوری طرح سے سنجیدہ ہے اور کسی بھی قسم کی کوتاہی برداشت نہیں کی جائے گی۔ اس موقع پر افسران نے یقین دلایا کہ ترقیاتی کاموں کو مقررہ وقت میں مکمل کیا جائے گا۔ وزیر اعلیٰ نے کہا کہ ریاست میں امن و امان کی صورتحال بہتر ہے اور سیاحت کو فروغ دینے کے لئے خصوصی منصوبے تیار کئے گئے ہیں۔ مرکزی حکومت نے اس سلسلے میں کہا کہ جموں و کشمیر کی ترقی کے لئے مختلف اسکیموں پر عمل درآمد کیا جارہا ہے اور لوگوں کو بہتر سہولیات فراہم کرنے کے لئے اقدامات اٹھائے جارہے ہیں۔ انہوں نے کہا کہ حکومت عوام کے مسائل حل کرنے کے لئے پوری طرح سے سنجیدہ ہے اور کسی بھی قسم کی کوتاہی برداشت نہیں کی جائے گی۔ اس موقع پر افسران نے یقین دلایا کہ ترقیاتی کاموں کو مقررہ وقت میں مکمل کیا جائے گا۔ وزیر اعلیٰ نے کہا کہ ریاست میں امن و امان کی صورتحال بہتر ہے اور سیاحت کو فروغ دینے کے لئے خصوصی منصوبے تیار کئے گئے ہیں۔ مرکزی حکومت نے اس سلسلے میں کہا کہ جموں و کشمیر کی ترقی کے لئے مختلف اسکیموں پر عمل درآمد کیا جارہا ہے اور لوگوں کو بہتر سہولیات فراہم کرنے کے لئے اقدامات اٹھائے جارہے ہیں۔ انہوں نے کہا کہ حکومت عوام کے مسائل حل کرنے کے لئے پوری طرح سے سنجیدہ ہے اور کسی بھی قسم کی کوتاہی برداشت نہیں کی جائے گی۔ اس موقع پر افسران نے یقین دلایا کہ ترقیاتی کاموں کو مقررہ وقت میں مکمل کیا جائے گا۔ وزیر اعلیٰ نے کہا کہ ریاست میں امن و امان کی صورتحال بہتر ہے اور سیاحت کو فروغ دینے کے لئے خصوصی منصوبے تیار کئے گئے ہیں۔ مرکزی حکومت نے اس سلسلے میں کہا کہ جموں و کشمیر کی ترقی کے لئے مختلف اسکیموں پر عمل درآمد کیا جارہا ہے اور لوگوں کو بہتر سہولیات فراہم کرنے کے لئے اقدامات اٹھائے جارہے ہیں۔ انہوں نے کہا کہ حکومت عوام کے مسائل حل کرنے کے لئے پوری طرح سے سنجیدہ ہے اور کسی بھی قسم کی کوتاہی برداشت نہیں کی جائے گی۔ اس موقع پر افسران نے یقین دلایا کہ ترقیاتی کاموں کو مقررہ وقت میں مکمل کیا جائے گا۔ وزیر اعلیٰ نے کہا کہ ریاست میں امن و امان کی صورتحال بہتر ہے اور سیاحت کو فروغ دینے کے لئے خصوصی منصوبے تیار کئے گئے ہیں۔ مرکزی حکومت نے اس سلسلے میں کہا کہ جموں و کشمیر کی ترقی کے لئے مختلف اسکیموں پر عمل درآمد کیا جارہا ہے اور لوگوں کو بہتر سہولیات فراہم کرنے کے لئے اقدامات اٹھائے جارہے ہیں۔ انہوں نے کہا کہ حکومت عوام کے مسائل حل کرنے کے لئے پوری طرح سے سنجیدہ ہے اور کسی بھی قسم کی کوتاہی برداشت نہیں کی جائے گی۔ اس موقع پر افسران نے یقین دلایا کہ ترقیاتی کاموں کو مقررہ وقت میں مکمل کیا جائے گا۔ وزیر اعلیٰ نے کہا کہ ریاست میں امن و امان کی صورتحال بہتر ہے اور سیاحت کو فروغ دینے کے لئے خصوصی منصوبے تیار کئے گئے ہیں۔

119

مرکزی حکومت نے اس سلسلے میں کہا کہ جموں و کشمیر کی ترقی کے لئے مختلف اسکیموں پر عمل درآمد کیا جارہا ہے اور لوگوں کو بہتر سہولیات فراہم کرنے کے لئے اقدامات اٹھائے جارہے ہیں۔ انہوں نے کہا کہ حکومت عوام کے مسائل حل کرنے کے لئے پوری طرح سے سنجیدہ ہے اور کسی بھی قسم کی کوتاہی برداشت نہیں کی جائے گی۔ اس موقع پر افسران نے یقین دلایا کہ ترقیاتی کاموں کو مقررہ وقت میں مکمل کیا جائے گا۔ وزیر اعلیٰ نے کہا کہ ریاست میں امن و امان کی صورتحال بہتر ہے اور سیاحت کو فروغ دینے کے لئے خصوصی منصوبے تیار کئے گئے ہیں۔ مرکزی حکومت نے اس سلسلے میں کہا کہ جموں و کشمیر کی ترقی کے لئے مختلف اسکیموں پر عمل درآمد کیا جارہا ہے اور لوگوں کو بہتر سہولیات فراہم کرنے کے لئے اقدامات اٹھائے جارہے ہیں۔ انہوں نے کہا کہ حکومت عوام کے مسائل حل کرنے کے لئے پوری طرح سے سنجیدہ ہے اور کسی بھی قسم کی کوتاہی برداشت نہیں کی جائے گی۔ اس موقع پر افسران نے یقین دلایا کہ ترقیاتی کاموں کو مقررہ وقت میں مکمل کیا جائے گا۔ وزیر اعلیٰ نے کہا کہ ریاست میں امن و امان کی صورتحال بہتر ہے اور سیاحت کو فروغ دینے کے لئے خصوصی منصوبے تیار کئے گئے ہیں۔ مرکزی حکومت نے اس سلسلے میں کہا کہ جموں و کشمیر کی ترقی کے لئے مختلف اسکیموں پر عمل درآمد کیا جارہا ہے اور لوگوں کو بہتر سہولیات فراہم کرنے کے لئے اقدامات اٹھائے جارہے ہیں۔ انہوں نے کہا کہ حکومت عوام کے مسائل حل کرنے کے لئے پوری طرح سے سنجیدہ ہے اور کسی بھی قسم کی کوتاہی برداشت نہیں کی جائے گی۔ اس موقع پر افسران نے یقین دلایا کہ ترقیاتی کاموں کو مقررہ وقت میں مکمل کیا جائے گا۔ وزیر اعلیٰ نے کہا کہ ریاست میں امن و امان کی صورتحال بہتر ہے اور سیاحت کو فروغ دینے کے لئے خصوصی منصوبے تیار کئے گئے ہیں۔ مرکزی حکومت نے اس سلسلے میں کہا کہ جموں و کشمیر کی ترقی کے لئے مختلف اسکیموں پر عمل درآمد کیا جارہا ہے اور لوگوں کو بہتر سہولیات فراہم کرنے کے لئے اقدامات اٹھائے جارہے ہیں۔ انہوں نے کہا کہ حکومت عوام کے مسائل حل کرنے کے لئے پوری طرح سے سنجیدہ ہے اور کسی بھی قسم کی کوتاہی برداشت نہیں کی جائے گی۔ اس موقع پر افسران نے یقین دلایا کہ ترقیاتی کاموں کو مقررہ وقت میں مکمل کیا جائے گا۔ وزیر اعلیٰ نے کہا کہ ریاست میں امن و امان کی صورتحال بہتر ہے اور سیاحت کو فروغ دینے کے لئے خصوصی منصوبے تیار کئے گئے ہیں۔ مرکزی حکومت نے اس سلسلے میں کہا کہ جموں و کشمیر کی ترقی کے لئے مختلف اسکیموں پر عمل درآمد کیا جارہا ہے اور لوگوں کو بہتر سہولیات فراہم کرنے کے لئے اقدامات اٹھائے جارہے ہیں۔ انہوں نے کہا کہ حکومت عوام کے مسائل حل کرنے کے لئے پوری طرح سے سنجیدہ ہے اور کسی بھی قسم کی کوتاہی برداشت نہیں کی جائے گی۔ اس موقع پر افسران نے یقین دلایا کہ ترقیاتی کاموں کو مقررہ وقت میں مکمل کیا جائے گا۔ وزیر اعلیٰ نے کہا کہ ریاست میں امن و امان کی صورتحال بہتر ہے اور سیاحت کو فروغ دینے کے لئے خصوصی منصوبے تیار کئے گئے ہیں۔

120

مرکزی حکومت نے اس سلسلے میں کہا کہ جموں و کشمیر کی ترقی کے لئے مختلف اسکیموں پر عمل درآمد کیا جارہا ہے اور لوگوں کو بہتر سہولیات فراہم کرنے کے لئے اقدامات اٹھائے جارہے ہیں۔ انہوں نے کہا کہ حکومت عوام کے مسائل حل کرنے کے لئے پوری طرح سے سنجیدہ ہے اور کسی بھی قسم کی کوتاہی برداشت نہیں کی جائے گی۔ اس موقع پر افسران نے یقین دلایا کہ ترقیاتی کاموں کو مقررہ وقت میں مکمل کیا جائے گا۔ وزیر اعلیٰ نے کہا کہ ریاست میں امن و امان کی صورتحال بہتر ہے اور سیاحت کو فروغ دینے کے لئے خصوصی منصوبے تیار کئے گئے ہیں۔ مرکزی حکومت نے اس سلسلے میں کہا کہ جموں و کشمیر کی ترقی کے لئے مختلف اسکیموں پر عمل درآمد کیا جارہا ہے اور لوگوں کو بہتر سہولیات فراہم کرنے کے لئے اقدامات اٹھائے جارہے ہیں۔ انہوں نے کہا کہ حکومت عوام کے مسائل حل کرنے کے لئے پوری طرح سے سنجیدہ ہے اور کسی بھی قسم کی کوتاہی برداشت نہیں کی جائے گی۔ اس موقع پر افسران نے یقین دلایا کہ ترقیاتی کاموں کو مقررہ وقت میں مکمل کیا جائے گا۔ وزیر اعلیٰ نے کہا کہ ریاست میں امن و امان کی صورتحال بہتر ہے اور سیاحت کو فروغ دینے کے لئے خصوصی منصوبے تیار کئے گئے ہیں۔ مرکزی حکومت نے اس سلسلے میں کہا کہ جموں و کشمیر کی ترقی کے لئے مختلف اسکیموں پر عمل درآمد کیا جارہا ہے اور لوگوں کو بہتر سہولیات فراہم کرنے کے لئے اقدامات اٹھائے جارہے ہیں۔ انہوں نے کہا کہ حکومت عوام کے مسائل حل کرنے کے لئے پوری طرح سے سنجیدہ ہے اور کسی بھی قسم کی کوتاہی برداشت نہیں کی جائے گی۔ اس موقع پر افسران نے یقین دلایا کہ ترقیاتی کاموں کو مقررہ وقت میں مکمل کیا جائے گا۔ وزیر اعلیٰ نے کہا کہ ریاست میں امن و امان کی صورتحال بہتر ہے اور سیاحت کو فروغ دینے کے لئے خصوصی منصوبے تیار کئے گئے ہیں۔ مرکزی حکومت نے اس سلسلے میں کہا کہ جموں و کشمیر کی ترقی کے لئے مختلف اسکیموں پر عمل درآمد کیا جارہا ہے اور لوگوں کو بہتر سہولیات فراہم کرنے کے لئے اقدامات اٹھائے جارہے ہیں۔ انہوں نے کہا کہ حکومت عوام کے مسائل حل کرنے کے لئے پوری طرح سے سنجیدہ ہے اور کسی بھی قسم کی کوتاہی برداشت نہیں کی جائے گی۔ اس موقع پر افسران نے یقین دلایا کہ ترقیاتی کاموں کو مقررہ وقت میں مکمل کیا جائے گا۔ وزیر اعلیٰ نے کہا کہ ریاست میں امن و امان کی صورتحال بہتر ہے اور سیاحت کو فروغ دینے کے لئے خصوصی منصوبے تیار کئے گئے ہیں۔ مرکزی حکومت نے اس سلسلے میں کہا کہ جموں و کشمیر کی ترقی کے لئے مختلف اسکیموں پر عمل درآمد کیا جارہا ہے اور لوگوں کو بہتر سہولیات فراہم کرنے کے لئے اقدامات اٹھائے جارہے ہیں۔ انہوں نے کہا کہ حکومت عوام کے مسائل حل کرنے کے لئے پوری طرح سے سنجیدہ ہے اور کسی بھی قسم کی کوتاہی برداشت نہیں کی جائے گی۔ اس موقع پر افسران نے یقین دلایا کہ ترقیاتی کاموں کو مقررہ وقت میں مکمل کیا جائے گا۔ وزیر اعلیٰ نے کہا کہ ریاست میں امن و امان کی صورتحال بہتر ہے اور سیاحت کو فروغ دینے کے لئے خصوصی منصوبے تیار کئے گئے ہیں۔

121

مرکزی حکومت نے اس سلسلے میں کہا کہ جموں و کشمیر کی ترقی کے لئے مختلف اسکیموں پر عمل درآمد کیا جارہا ہے اور لوگوں کو بہتر سہولیات فراہم کرنے کے لئے اقدامات اٹھائے جارہے ہیں۔ انہوں نے کہا کہ حکومت عوام کے مسائل حل کرنے کے لئے پوری طرح سے سنجیدہ ہے اور کسی بھی قسم کی کوتاہی برداشت نہیں کی جائے گی۔ اس موقع پر افسران نے یقین دلایا کہ ترقیاتی کاموں کو مقررہ وقت میں مکمل کیا جائے گا۔ وزیر اعلیٰ نے کہا کہ ریاست میں امن و امان کی صورتحال بہتر ہے اور سیاحت کو فروغ دینے کے لئے خصوصی منصوبے تیار کئے گئے ہیں۔ مرکزی حکومت نے اس سلسلے میں کہا کہ جموں و کشمیر کی ترقی کے لئے مختلف اسکیموں پر عمل درآمد کیا جارہا ہے اور لوگوں کو بہتر سہولیات فراہم کرنے کے لئے اقدامات اٹھائے جارہے ہیں۔ انہوں نے کہا کہ حکومت عوام کے مسائل حل کرنے کے لئے پوری طرح سے سنجیدہ ہے اور کسی بھی قسم کی کوتاہی برداشت نہیں کی جائے گی۔ اس موقع پر افسران نے یقین دلایا کہ ترقیاتی کاموں کو مقررہ وقت میں مکمل کیا جائے گا۔ وزیر اعلیٰ نے کہا کہ ریاست میں امن و امان کی صورتحال بہتر ہے اور سیاحت کو فروغ دینے کے لئے خصوصی منصوبے تیار کئے گئے ہیں۔ مرکزی حکومت نے اس سلسلے میں کہا کہ جموں و کشمیر کی ترقی کے لئے مختلف اسکیموں پر عمل درآمد کیا جارہا ہے اور لوگوں کو بہتر سہولیات فراہم کرنے کے لئے اقدامات اٹھائے جارہے ہیں۔ انہوں نے کہا کہ حکومت عوام کے مسائل حل کرنے کے لئے پوری طرح سے سنجیدہ ہے اور کسی بھی قسم کی کوتاہی برداشت نہیں کی جائے گی۔ اس موقع پر افسران نے یقین دلایا کہ ترقیاتی کاموں کو مقررہ وقت میں مکمل کیا جائے گا۔ وزیر اعلیٰ نے کہا کہ ریاست میں امن و امان کی صورتحال بہتر ہے اور سیاحت کو فروغ دینے کے لئے خصوصی منصوبے تیار کئے گئے ہیں۔ مرکزی حکومت نے اس سلسلے میں کہا کہ جموں و کشمیر کی ترقی کے لئے مختلف اسکیموں پر عمل درآمد کیا جارہا ہے اور لوگوں کو بہتر سہولیات فراہم کرنے کے لئے اقدامات اٹھائے جارہے ہیں۔ انہوں نے کہا کہ حکومت عوام کے مسائل حل کرنے کے لئے پوری طرح سے سنجیدہ ہے اور کسی بھی قسم کی کوتاہی برداشت نہیں کی جائے گی۔ اس موقع پر افسران نے یقین دلایا کہ ترقیاتی کاموں کو مقررہ وقت میں مکمل کیا جائے گا۔ وزیر اعلیٰ نے کہا کہ ریاست میں امن و امان کی صورتحال بہتر ہے اور سیاحت کو فروغ دینے کے لئے خصوصی منصوبے تیار کئے گئے ہیں۔ مرکزی حکومت نے اس سلسلے میں کہا کہ جموں و کشمیر کی ترقی کے لئے مختلف اسکیموں پر عمل درآمد کیا جارہا ہے اور لوگوں کو بہتر سہولیات فراہم کرنے کے لئے اقدامات اٹھائے جارہے ہیں۔ انہوں نے کہا کہ حکومت عوام کے مسائل حل کرنے کے لئے پوری طرح سے سنجیدہ ہے اور کسی بھی قسم کی کوتاہی برداشت نہیں کی جائے گی۔ اس موقع پر افسران نے یقین دلایا کہ ترقیاتی کاموں کو مقررہ وقت میں مکمل کیا جائے گا۔ وزیر اعلیٰ نے کہا کہ ریاست میں امن و امان کی صورتحال بہتر ہے اور سیاحت کو فروغ دینے کے لئے خصوصی منصوبے تیار کئے گئے ہیں۔
